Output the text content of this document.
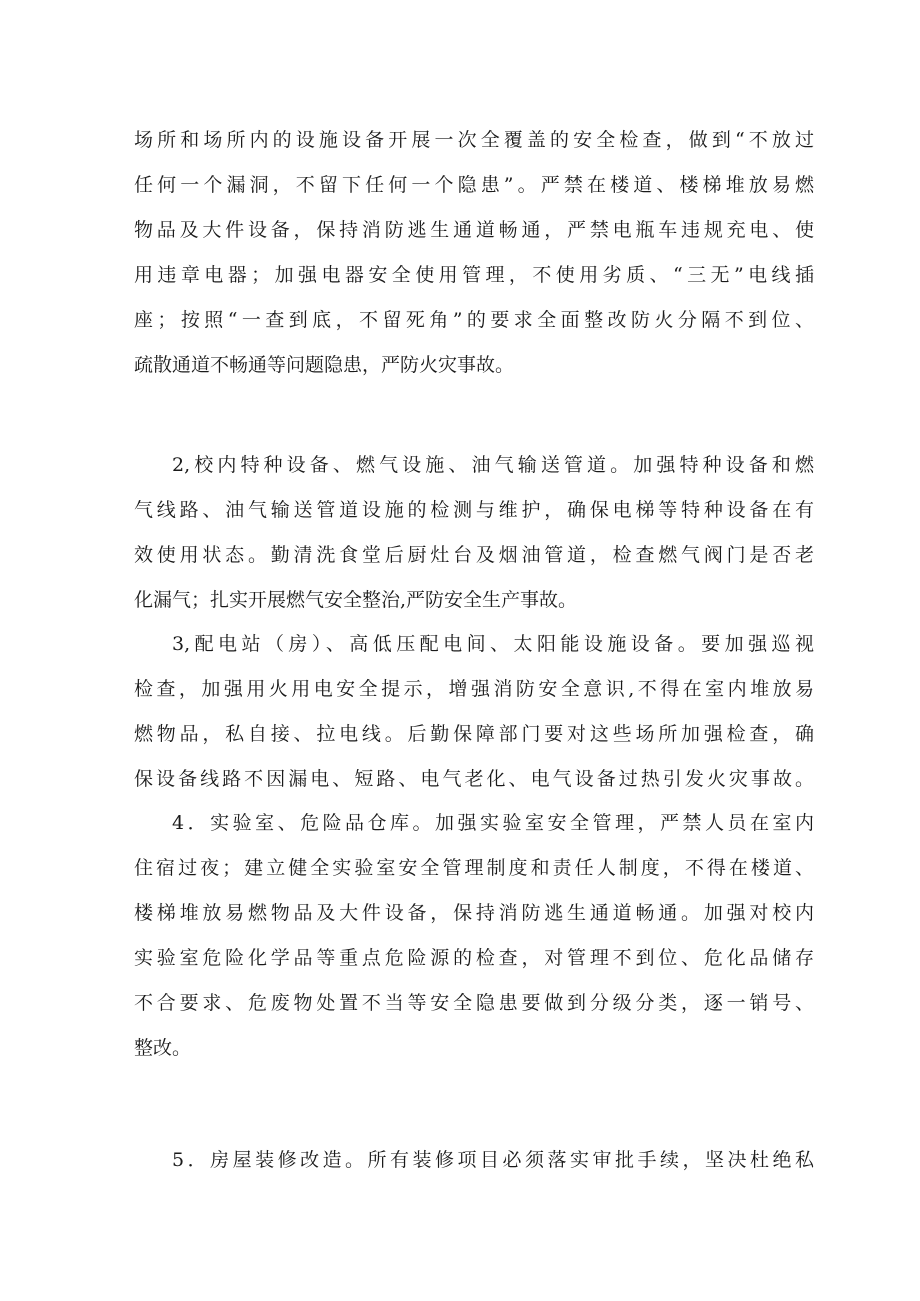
场所和场所内的设施设备开展一次全覆盖的安全检查，做到“不放过
任何一个漏洞，不留下任何一个隐患”。严禁在楼道、楼梯堆放易燃
物品及大件设备，保持消防逃生通道畅通，严禁电瓶车违规充电、使
用违章电器；加强电器安全使用管理，不使用劣质、“三无”电线插
座；按照“一查到底，不留死角”的要求全面整改防火分隔不到位、
疏散通道不畅通等问题隐患，严防火灾事故。
2,校内特种设备、燃气设施、油气输送管道。加强特种设备和燃
气线路、油气输送管道设施的检测与维护，确保电梯等特种设备在有
效使用状态。勤清洗食堂后厨灶台及烟油管道，检查燃气阀门是否老
化漏气；扎实开展燃气安全整治,严防安全生产事故。
3,配电站（房）、高低压配电间、太阳能设施设备。要加强巡视
检查，加强用火用电安全提示，增强消防安全意识,不得在室内堆放易
燃物品，私自接、拉电线。后勤保障部门要对这些场所加强检查，确
保设备线路不因漏电、短路、电气老化、电气设备过热引发火灾事故。
4．实验室、危险品仓库。加强实验室安全管理，严禁人员在室内
住宿过夜；建立健全实验室安全管理制度和责任人制度，不得在楼道、
楼梯堆放易燃物品及大件设备，保持消防逃生通道畅通。加强对校内
实验室危险化学品等重点危险源的检查，对管理不到位、危化品储存
不合要求、危废物处置不当等安全隐患要做到分级分类，逐一销号、
整改。
5．房屋装修改造。所有装修项目必须落实审批手续，坚决杜绝私
